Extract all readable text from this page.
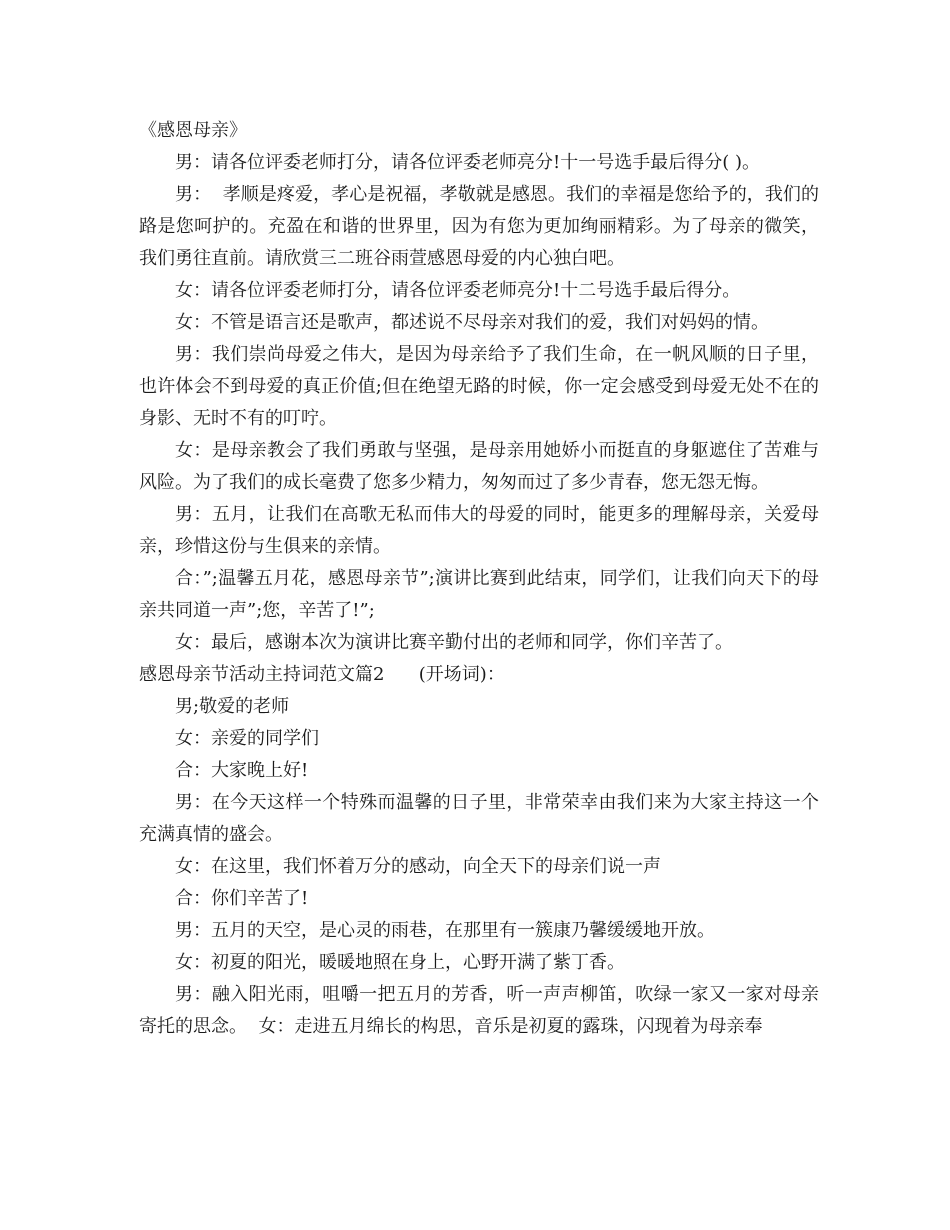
《感恩母亲》

男：请各位评委老师打分，请各位评委老师亮分!十一号选手最后得分( )。

男：  孝顺是疼爱，孝心是祝福，孝敬就是感恩。我们的幸福是您给予的，我们的路是您呵护的。充盈在和谐的世界里，因为有您为更加绚丽精彩。为了母亲的微笑，我们勇往直前。请欣赏三二班谷雨萱感恩母爱的内心独白吧。

女：请各位评委老师打分，请各位评委老师亮分!十二号选手最后得分。

女：不管是语言还是歌声，都述说不尽母亲对我们的爱，我们对妈妈的情。

男：我们崇尚母爱之伟大，是因为母亲给予了我们生命，在一帆风顺的日子里，也许体会不到母爱的真正价值;但在绝望无路的时候，你一定会感受到母爱无处不在的身影、无时不有的叮咛。

女：是母亲教会了我们勇敢与坚强，是母亲用她娇小而挺直的身躯遮住了苦难与风险。为了我们的成长毫费了您多少精力，匆匆而过了多少青春，您无怨无悔。

男：五月，让我们在高歌无私而伟大的母爱的同时，能更多的理解母亲，关爱母亲，珍惜这份与生俱来的亲情。

合：”;温馨五月花，感恩母亲节”;演讲比赛到此结束，同学们，让我们向天下的母亲共同道一声”;您，辛苦了!”;

女：最后，感谢本次为演讲比赛辛勤付出的老师和同学，你们辛苦了。

感恩母亲节活动主持词范文篇2      (开场词)：

男;敬爱的老师

女：亲爱的同学们

合：大家晚上好!

男：在今天这样一个特殊而温馨的日子里，非常荣幸由我们来为大家主持这一个充满真情的盛会。

女：在这里，我们怀着万分的感动，向全天下的母亲们说一声

合：你们辛苦了!

男：五月的天空，是心灵的雨巷，在那里有一簇康乃馨缓缓地开放。

女：初夏的阳光，暖暖地照在身上，心野开满了紫丁香。

男：融入阳光雨，咀嚼一把五月的芳香，听一声声柳笛，吹绿一家又一家对母亲寄托的思念。  女：走进五月绵长的构思，音乐是初夏的露珠，闪现着为母亲奉
